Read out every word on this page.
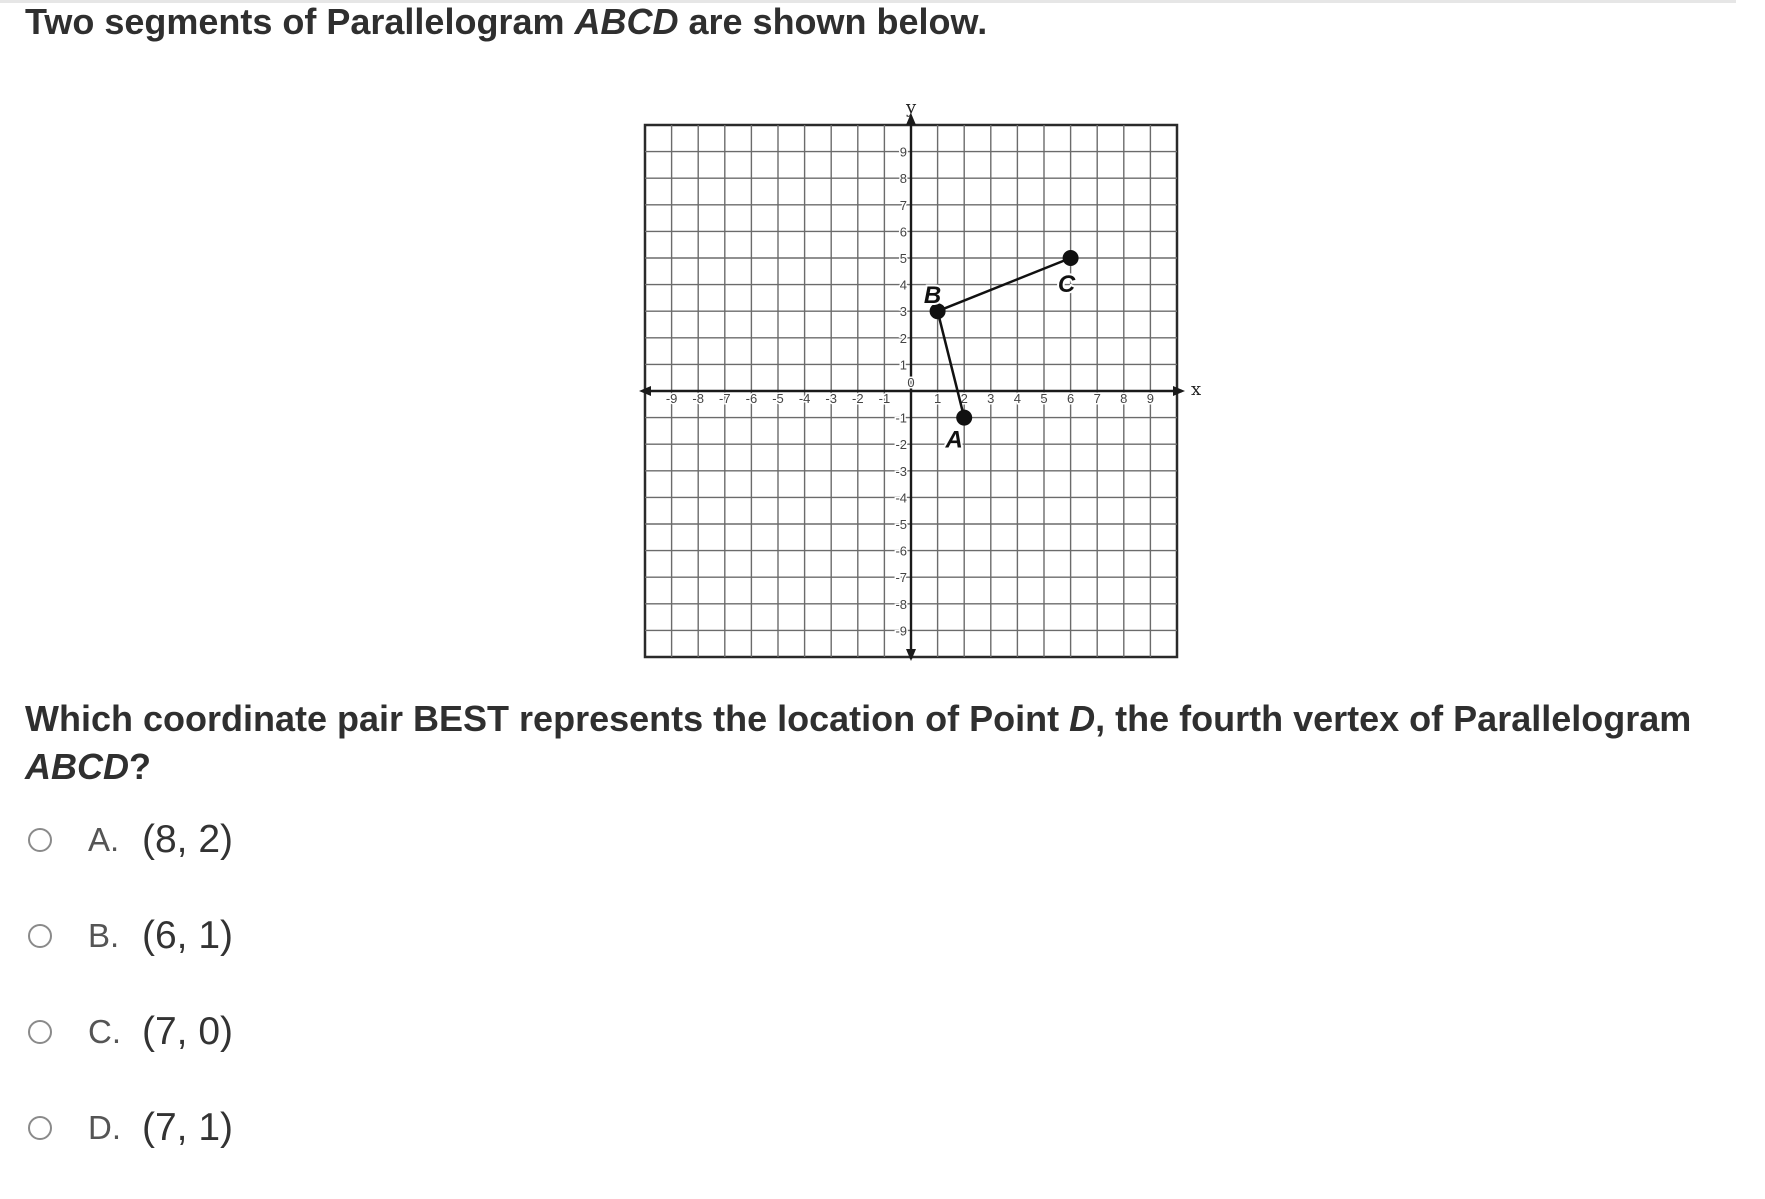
Two segments of Parallelogram ABCD are shown below.
x
y
-9 -8 -7 -6 -5 -4 -3 -2 -1
0
1 2 3 4 5 6 7 8 9
9
8
7
6
5
4
3
2
1
-1
-2
-3
-4
-5
-6
-7
-8
-9
A
B	C

Which coordinate pair BEST represents the location of Point D, the fourth vertex of Parallelogram
ABCD?

A. (8, 2)
B. (6, 1)
C. (7, 0)
D. (7, 1)
